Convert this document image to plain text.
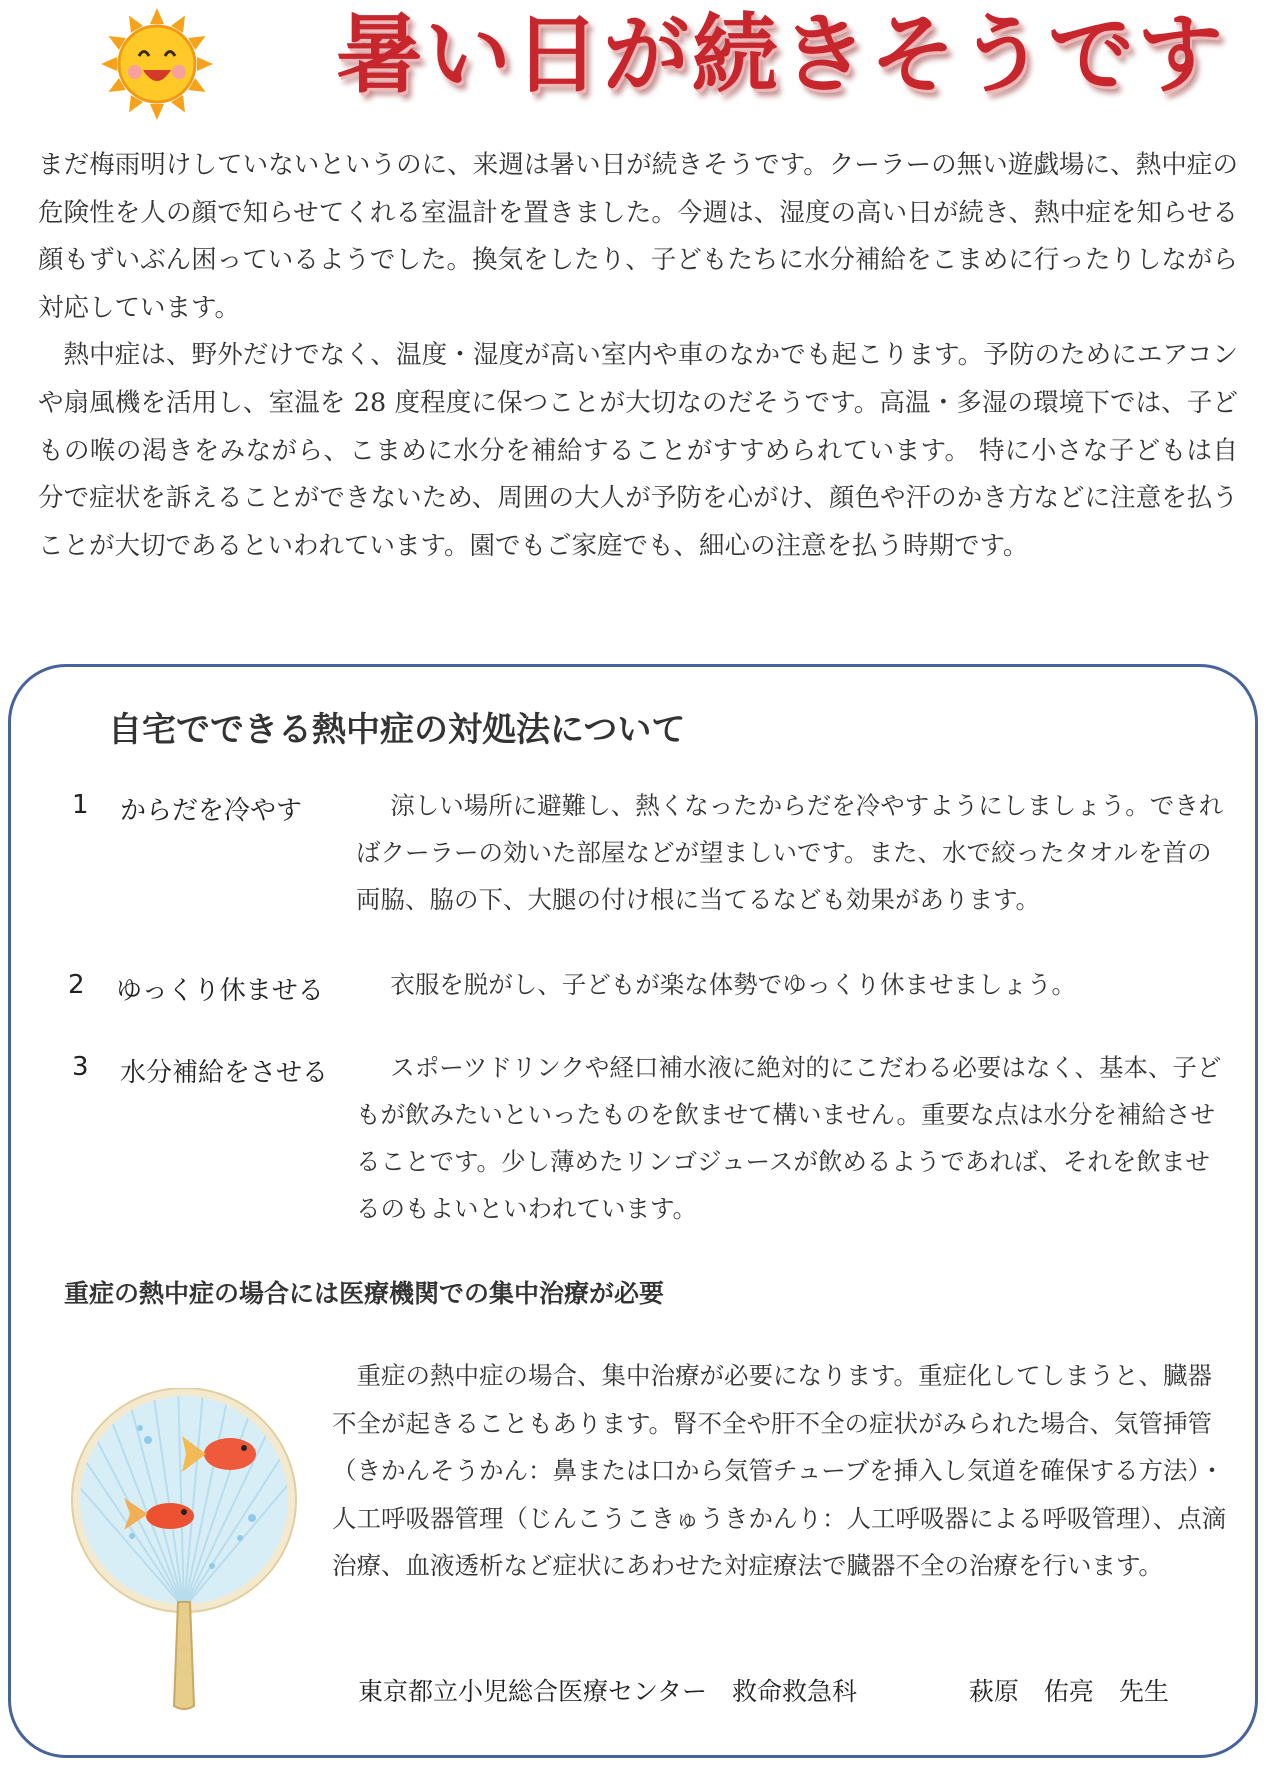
暑い日が続きそうです

まだ梅雨明けしていないというのに、来週は暑い日が続きそうです。クーラーの無い遊戯場に、熱中症の危険性を人の顔で知らせてくれる室温計を置きました。今週は、湿度の高い日が続き、熱中症を知らせる顔もずいぶん困っているようでした。換気をしたり、子どもたちに水分補給をこまめに行ったりしながら対応しています。

熱中症は、野外だけでなく、温度・湿度が高い室内や車のなかでも起こります。予防のためにエアコンや扇風機を活用し、室温を 28 度程度に保つことが大切なのだそうです。高温・多湿の環境下では、子どもの喉の渇きをみながら、こまめに水分を補給することがすすめられています。 特に小さな子どもは自分で症状を訴えることができないため、周囲の大人が予防を心がけ、顔色や汗のかき方などに注意を払うことが大切であるといわれています。園でもご家庭でも、細心の注意を払う時期です。

自宅でできる熱中症の対処法について
1 からだを冷やす	涼しい場所に避難し、熱くなったからだを冷やすようにしましょう。できればクーラーの効いた部屋などが望ましいです。また、水で絞ったタオルを首の両脇、脇の下、大腿の付け根に当てるなども効果があります。
2 ゆっくり休ませる	衣服を脱がし、子どもが楽な体勢でゆっくり休ませましょう。
3 水分補給をさせる	スポーツドリンクや経口補水液に絶対的にこだわる必要はなく、基本、子どもが飲みたいといったものを飲ませて構いません。重要な点は水分を補給させることです。少し薄めたリンゴジュースが飲めるようであれば、それを飲ませるのもよいといわれています。
重症の熱中症の場合には医療機関での集中治療が必要
重症の熱中症の場合、集中治療が必要になります。重症化してしまうと、臓器不全が起きることもあります。腎不全や肝不全の症状がみられた場合、気管挿管（きかんそうかん：鼻または口から気管チューブを挿入し気道を確保する方法）・人工呼吸器管理（じんこうこきゅうきかんり：人工呼吸器による呼吸管理）、点滴治療、血液透析など症状にあわせた対症療法で臓器不全の治療を行います。
東京都立小児総合医療センター　救命救急科	萩原　佑亮　先生
